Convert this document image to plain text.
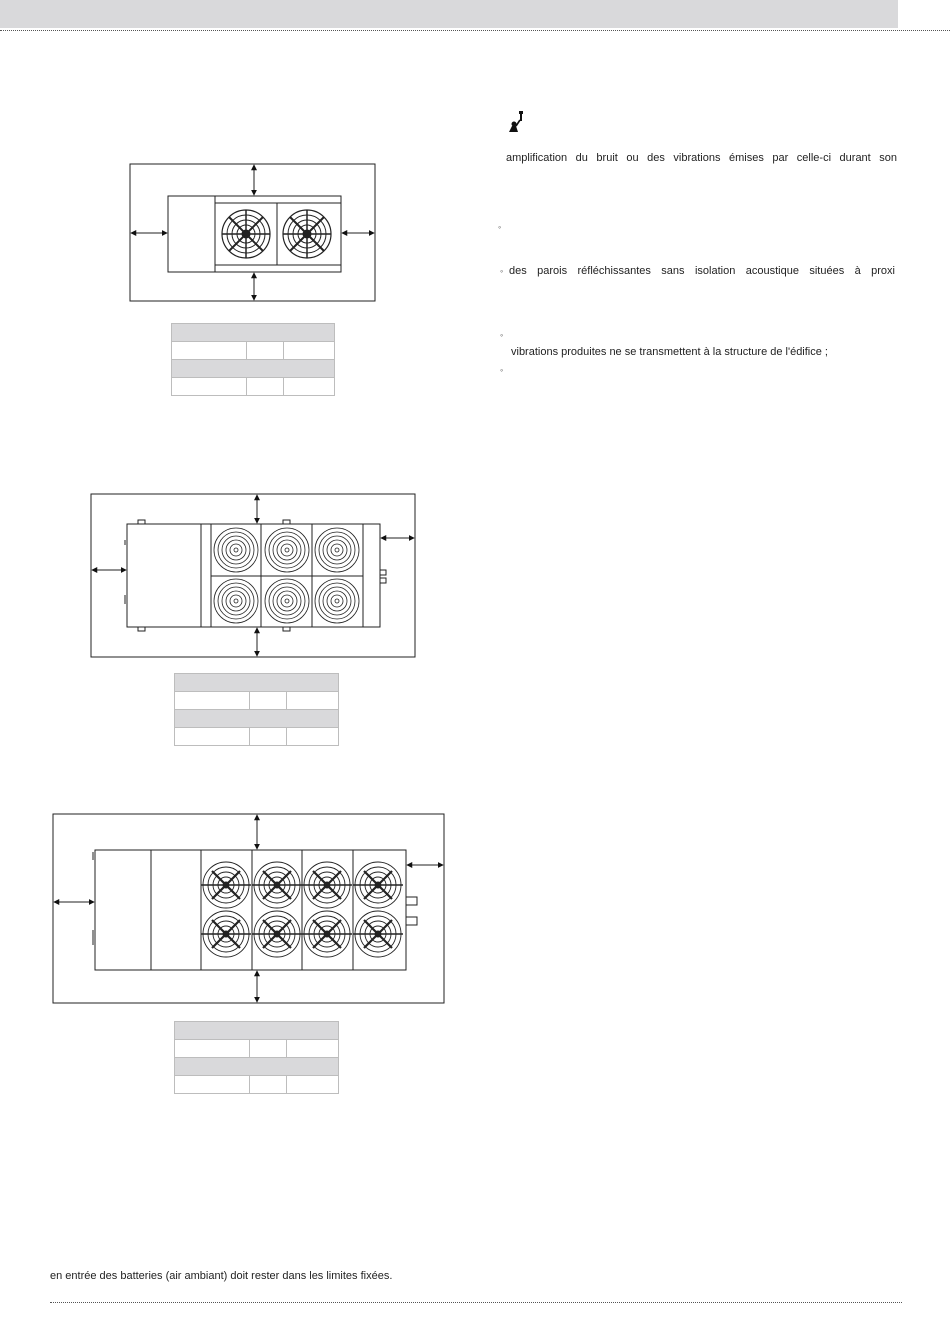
amplification du bruit ou des vibrations émises par celle-ci durant son
◦
◦ des parois réfléchissantes sans isolation acoustique situées à proxi
◦
vibrations produites ne se transmettent à la structure de l'édifice ;
◦
en entrée des batteries (air ambiant) doit rester dans les limites fixées.
